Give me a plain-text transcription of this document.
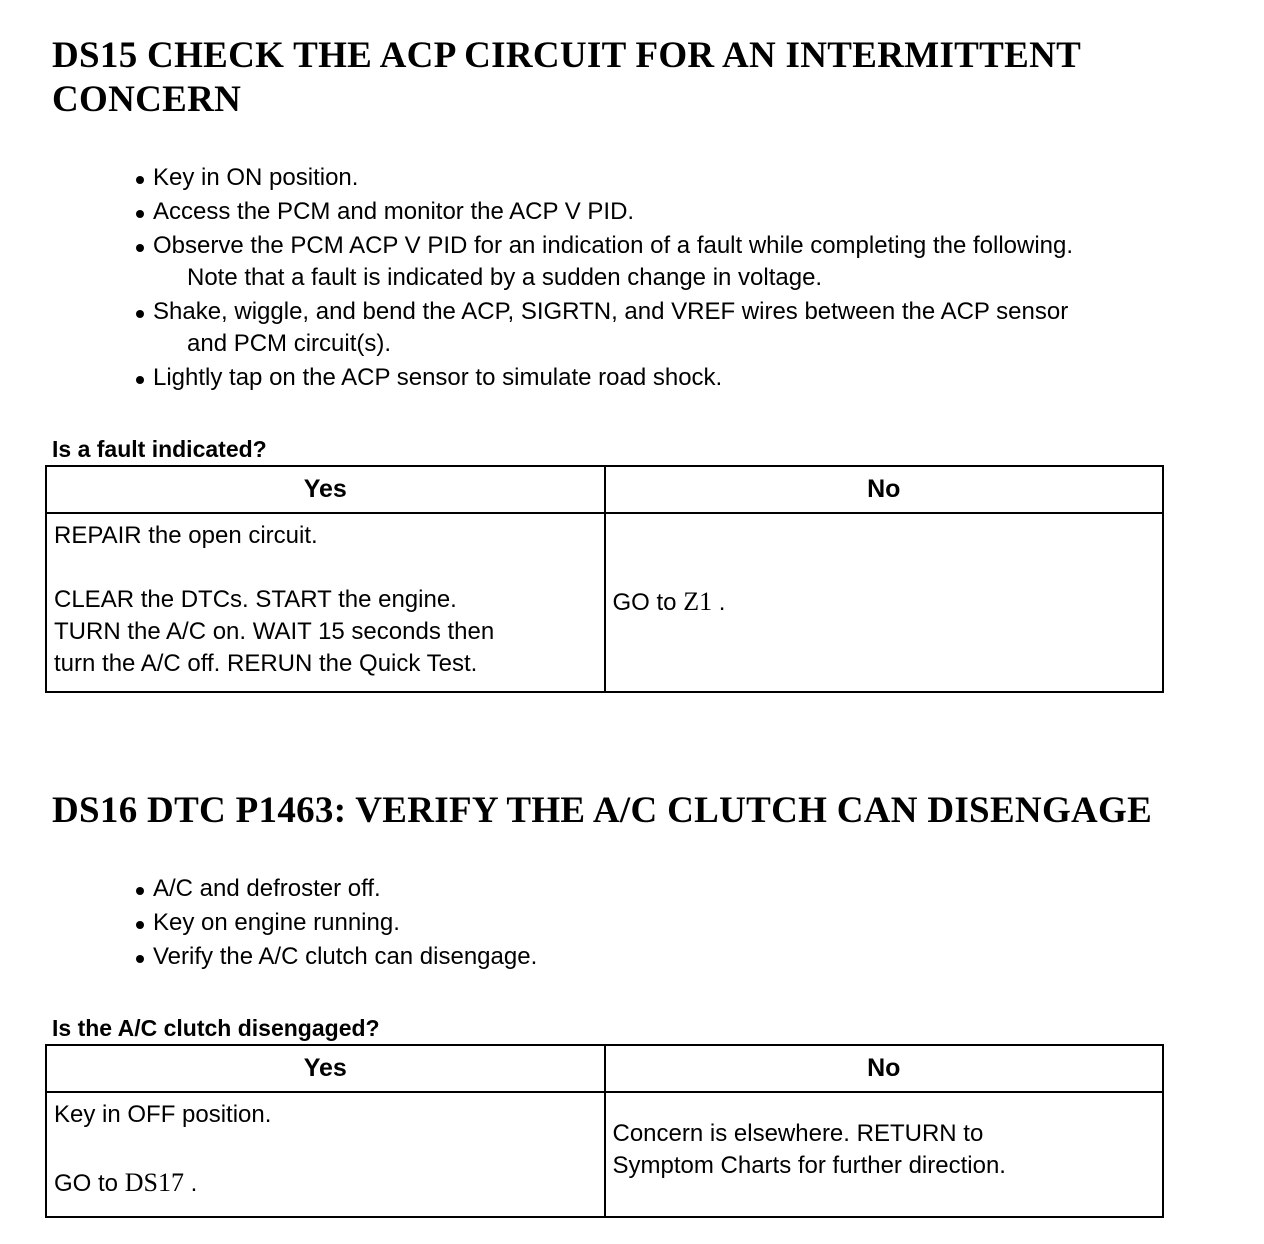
DS15 CHECK THE ACP CIRCUIT FOR AN INTERMITTENT
CONCERN
Key in ON position.
Access the PCM and monitor the ACP V PID.
Observe the PCM ACP V PID for an indication of a fault while completing the following.
Note that a fault is indicated by a sudden change in voltage.
Shake, wiggle, and bend the ACP, SIGRTN, and VREF wires between the ACP sensor
and PCM circuit(s).
Lightly tap on the ACP sensor to simulate road shock.

Is a fault indicated?

Yes	No
REPAIR the open circuit.
CLEAR the DTCs. START the engine.
TURN the A/C on. WAIT 15 seconds then
turn the A/C off. RERUN the Quick Test.	GO to Z1 .
DS16 DTC P1463: VERIFY THE A/C CLUTCH CAN DISENGAGE
A/C and defroster off.
Key on engine running.
Verify the A/C clutch can disengage.

Is the A/C clutch disengaged?

Yes	No
Key in OFF position.
GO to DS17 .	Concern is elsewhere. RETURN to
Symptom Charts for further direction.
